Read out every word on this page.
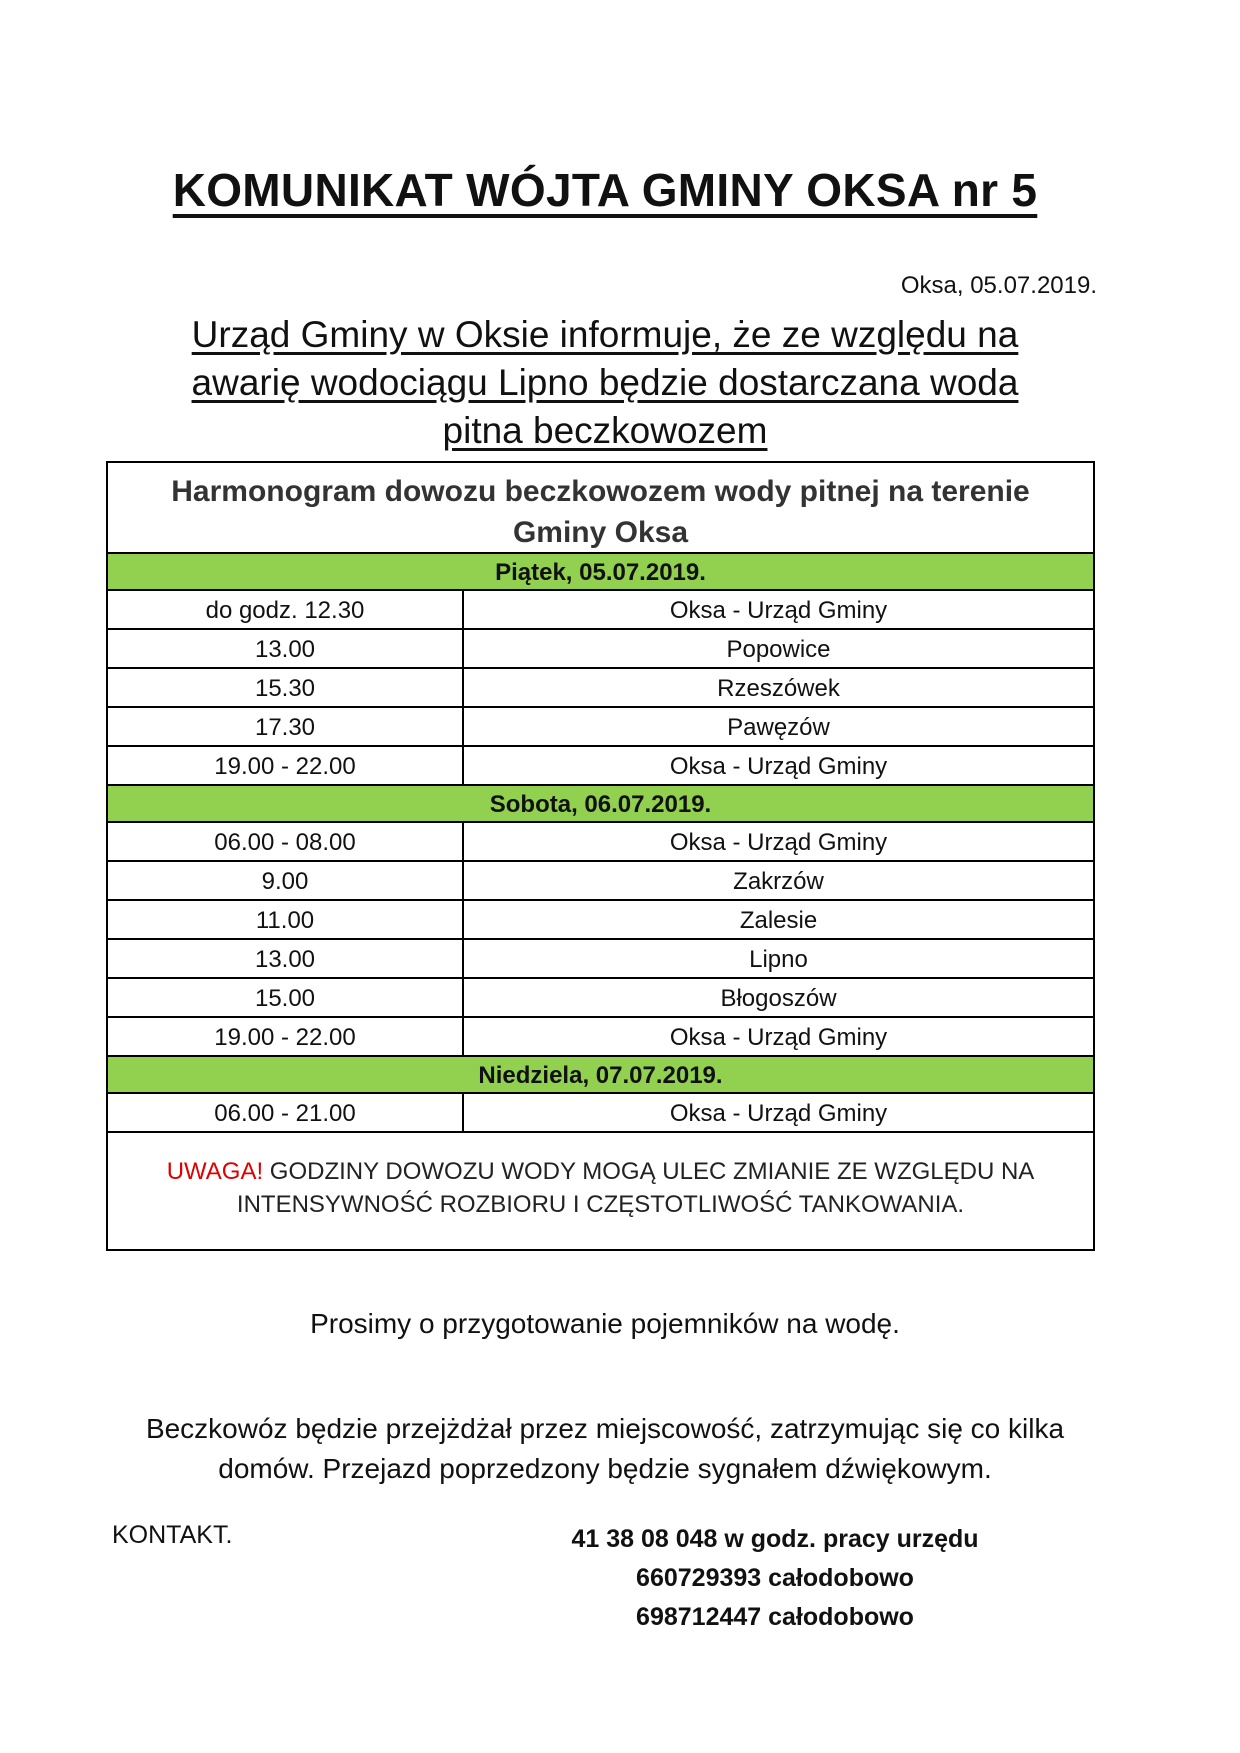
KOMUNIKAT WÓJTA GMINY OKSA nr 5
Oksa, 05.07.2019.
Urząd Gminy w Oksie informuje, że ze względu na
awarię wodociągu Lipno będzie dostarczana woda
pitna beczkowozem
Harmonogram dowozu beczkowozem wody pitnej na terenie
Gminy Oksa
Piątek, 05.07.2019.
do godz. 12.30	Oksa - Urząd Gminy
13.00	Popowice
15.30	Rzeszówek
17.30	Pawęzów
19.00 - 22.00	Oksa - Urząd Gminy
Sobota, 06.07.2019.
06.00 - 08.00	Oksa - Urząd Gminy
9.00	Zakrzów
11.00	Zalesie
13.00	Lipno
15.00	Błogoszów
19.00 - 22.00	Oksa - Urząd Gminy
Niedziela, 07.07.2019.
06.00 - 21.00	Oksa - Urząd Gminy
UWAGA! GODZINY DOWOZU WODY MOGĄ ULEC ZMIANIE ZE WZGLĘDU NA
INTENSYWNOŚĆ ROZBIORU I CZĘSTOTLIWOŚĆ TANKOWANIA.
Prosimy o przygotowanie pojemników na wodę.
Beczkowóz będzie przejżdżał przez miejscowość, zatrzymując się co kilka
domów. Przejazd poprzedzony będzie sygnałem dźwiękowym.
KONTAKT.	41 38 08 048 w godz. pracy urzędu
660729393 całodobowo
698712447 całodobowo
